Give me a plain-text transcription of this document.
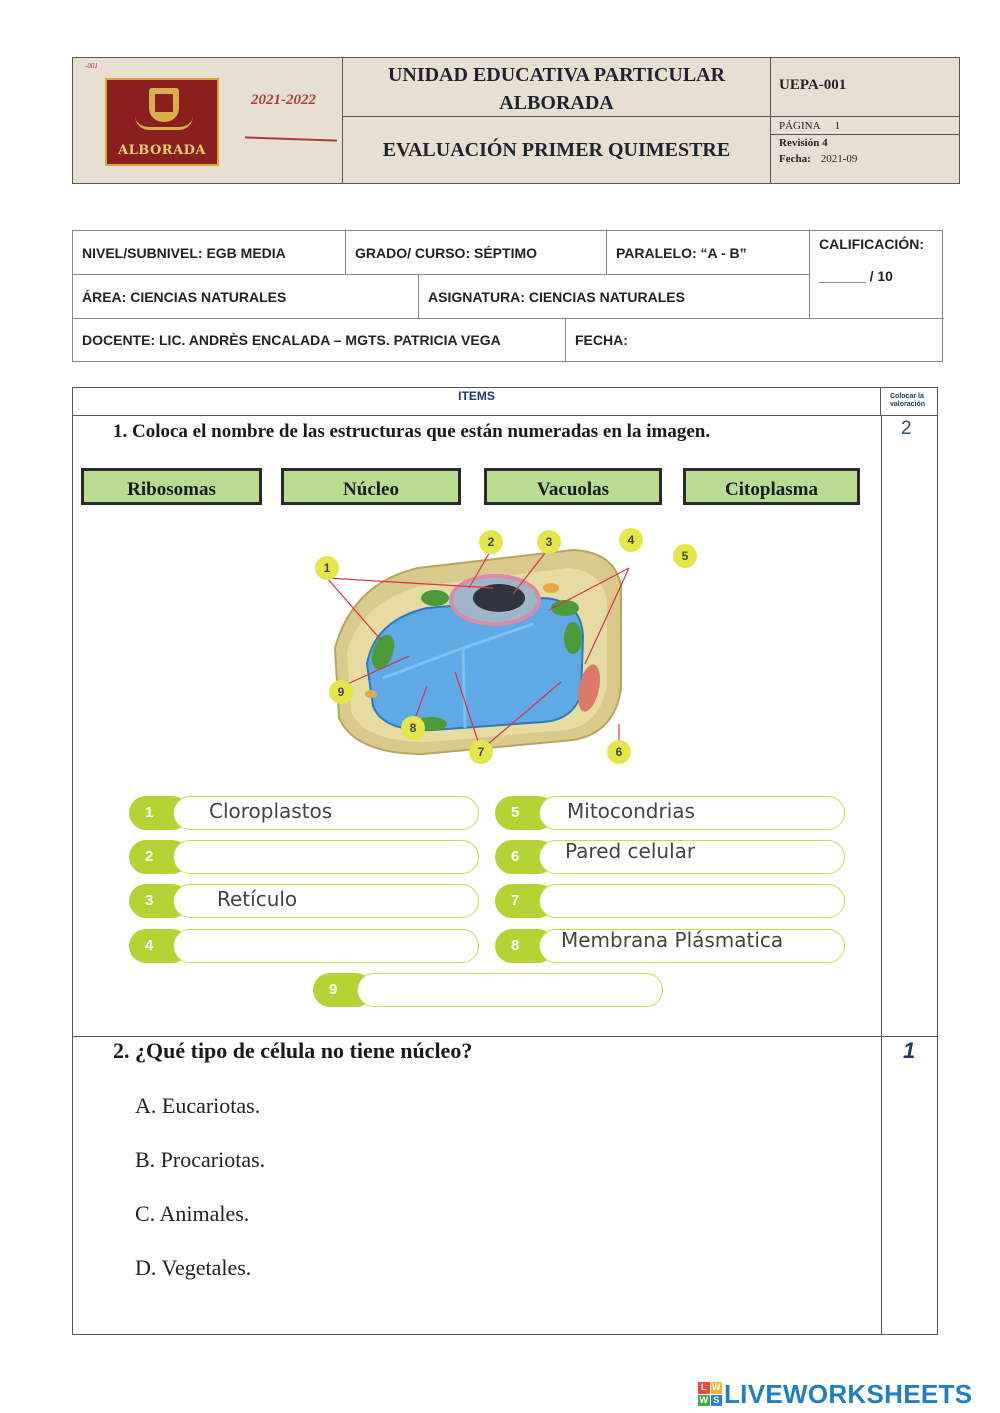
-001
ALBORADA
2021-2022
UNIDAD EDUCATIVA PARTICULAR
ALBORADA
EVALUACIÓN PRIMER QUIMESTRE
UEPA-001
PÁGINA 1
Revisión 4
Fecha: 2021-09
NIVEL/SUBNIVEL: EGB MEDIA	GRADO/ CURSO: SÉPTIMO	PARALELO: “A - B”
CALIFICACIÓN:
______ / 10
ÁREA: CIENCIAS NATURALES	ASIGNATURA: CIENCIAS NATURALES
DOCENTE: LIC. ANDRÈS ENCALADA – MGTS. PATRICIA VEGA	FECHA:
ITEMS	Colocar la
valoración
1. Coloca el nombre de las estructuras que están numeradas en la imagen.	2
Ribosomas	Núcleo	Vacuolas	Citoplasma
1
2	3	4
5
6
7
8
9
1	Cloroplastos
2
3	Retículo
4
5	Mitocondrias
6	Pared celular
7
8	Membrana Plásmatica
9
2. ¿Qué tipo de célula no tiene núcleo?	1
A. Eucariotas.
B. Procariotas.
C. Animales.
D. Vegetales.
L W
W S LIVEWORKSHEETS
